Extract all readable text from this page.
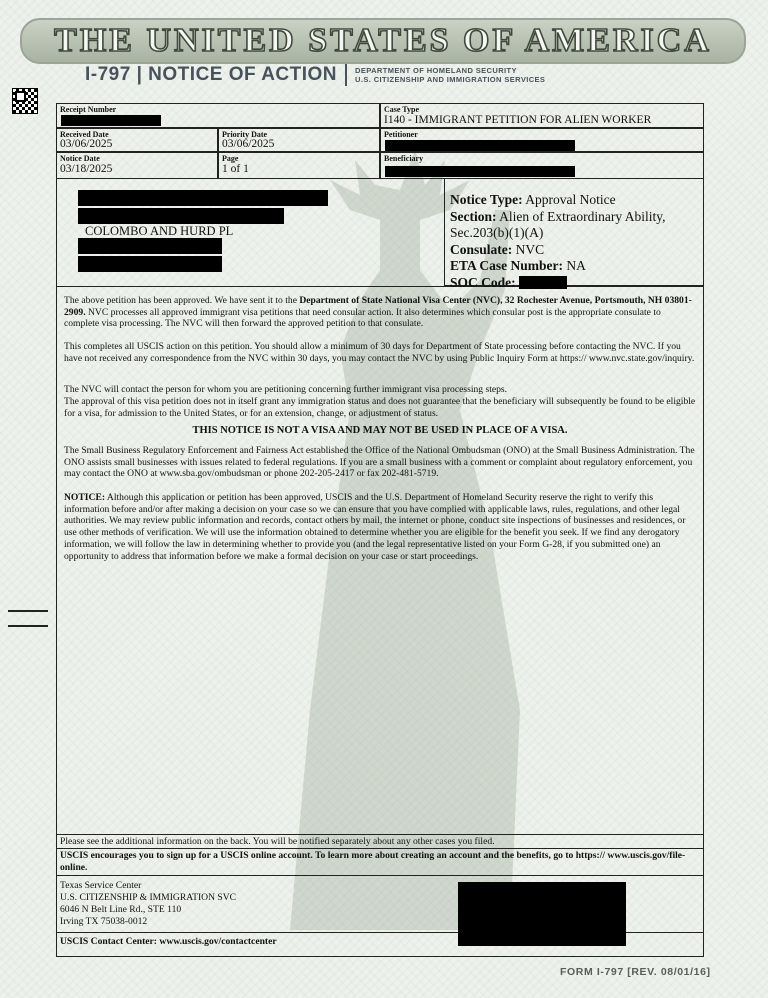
THE UNITED STATES OF AMERICA
I-797 | NOTICE OF ACTION DEPARTMENT OF HOMELAND SECURITY
U.S. CITIZENSHIP AND IMMIGRATION SERVICES
Receipt Number	Case Type
I140 - IMMIGRANT PETITION FOR ALIEN WORKER
Received Date
03/06/2025
Priority Date
03/06/2025
Petitioner
Notice Date
03/18/2025
Page
1 of 1
Beneficiary
COLOMBO AND HURD PL
Notice Type: Approval Notice
Section: Alien of Extraordinary Ability,
Sec.203(b)(1)(A)
Consulate: NVC
ETA Case Number: NA
SOC Code:
The above petition has been approved. We have sent it to the Department of State National Visa Center (NVC), 32 Rochester Avenue, Portsmouth, NH 03801-2909. NVC processes all approved immigrant visa petitions that need consular action. It also determines which consular post is the appropriate consulate to complete visa processing. The NVC will then forward the approved petition to that consulate.
This completes all USCIS action on this petition. You should allow a minimum of 30 days for Department of State processing before contacting the NVC. If you have not received any correspondence from the NVC within 30 days, you may contact the NVC by using Public Inquiry Form at https:// www.nvc.state.gov/inquiry.
The NVC will contact the person for whom you are petitioning concerning further immigrant visa processing steps.
The approval of this visa petition does not in itself grant any immigration status and does not guarantee that the beneficiary will subsequently be found to be eligible for a visa, for admission to the United States, or for an extension, change, or adjustment of status.
THIS NOTICE IS NOT A VISA AND MAY NOT BE USED IN PLACE OF A VISA.
The Small Business Regulatory Enforcement and Fairness Act established the Office of the National Ombudsman (ONO) at the Small Business Administration. The ONO assists small businesses with issues related to federal regulations. If you are a small business with a comment or complaint about regulatory enforcement, you may contact the ONO at www.sba.gov/ombudsman or phone 202-205-2417 or fax 202-481-5719.
NOTICE: Although this application or petition has been approved, USCIS and the U.S. Department of Homeland Security reserve the right to verify this information before and/or after making a decision on your case so we can ensure that you have complied with applicable laws, rules, regulations, and other legal authorities. We may review public information and records, contact others by mail, the internet or phone, conduct site inspections of businesses and residences, or use other methods of verification. We will use the information obtained to determine whether you are eligible for the benefit you seek. If we find any derogatory information, we will follow the law in determining whether to provide you (and the legal representative listed on your Form G-28, if you submitted one) an opportunity to address that information before we make a formal decision on your case or start proceedings.
Please see the additional information on the back. You will be notified separately about any other cases you filed.
USCIS encourages you to sign up for a USCIS online account. To learn more about creating an account and the benefits, go to https:// www.uscis.gov/file-online.
Texas Service Center
U.S. CITIZENSHIP & IMMIGRATION SVC
6046 N Belt Line Rd., STE 110
Irving TX 75038-0012
USCIS Contact Center: www.uscis.gov/contactcenter
FORM I-797 [REV. 08/01/16]
